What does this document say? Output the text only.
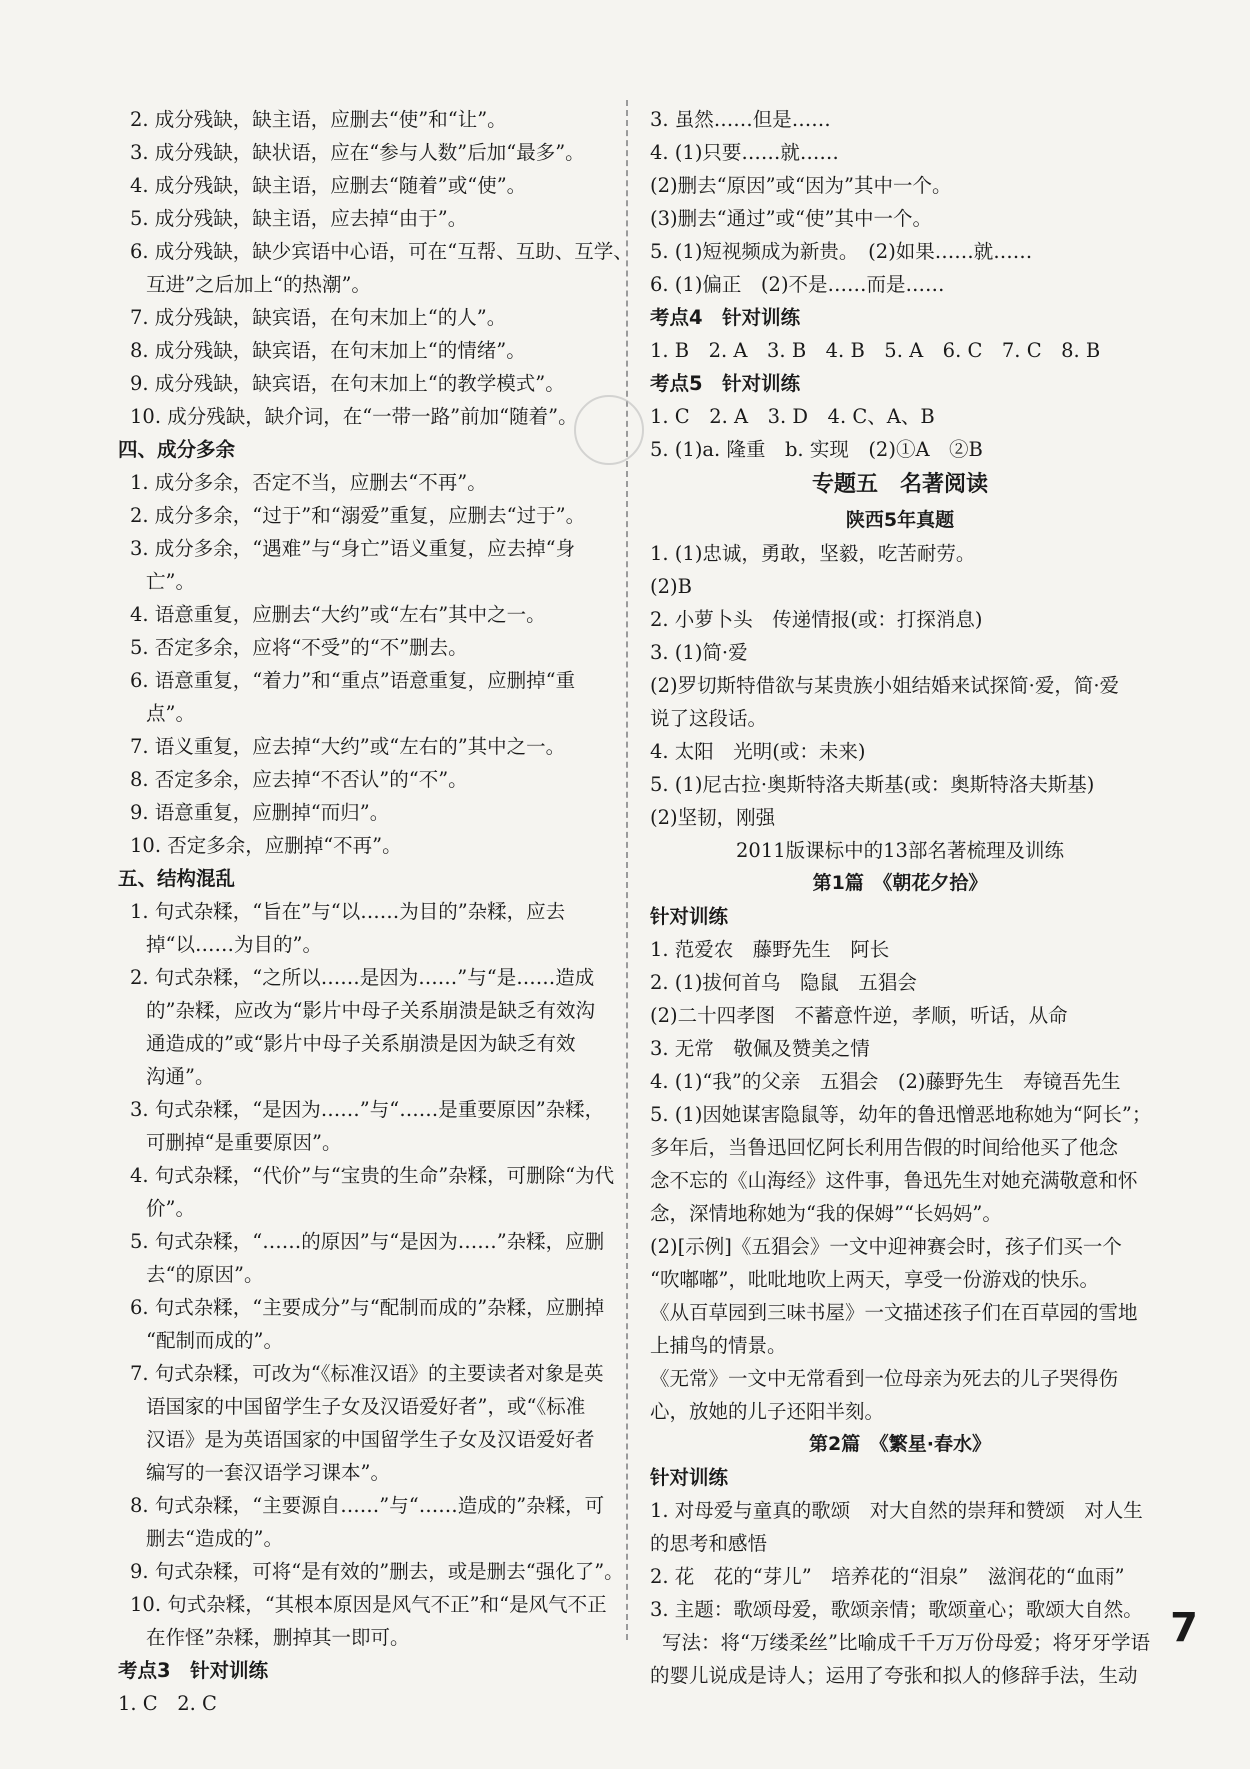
2. 成分残缺，缺主语，应删去“使”和“让”。
3. 成分残缺，缺状语，应在“参与人数”后加“最多”。
4. 成分残缺，缺主语，应删去“随着”或“使”。
5. 成分残缺，缺主语，应去掉“由于”。
6. 成分残缺，缺少宾语中心语，可在“互帮、互助、互学、
互进”之后加上“的热潮”。
7. 成分残缺，缺宾语，在句末加上“的人”。
8. 成分残缺，缺宾语，在句末加上“的情绪”。
9. 成分残缺，缺宾语，在句末加上“的教学模式”。
10. 成分残缺，缺介词，在“一带一路”前加“随着”。
四、成分多余
1. 成分多余，否定不当，应删去“不再”。
2. 成分多余，“过于”和“溺爱”重复，应删去“过于”。
3. 成分多余，“遇难”与“身亡”语义重复，应去掉“身
亡”。
4. 语意重复，应删去“大约”或“左右”其中之一。
5. 否定多余，应将“不受”的“不”删去。
6. 语意重复，“着力”和“重点”语意重复，应删掉“重
点”。
7. 语义重复，应去掉“大约”或“左右的”其中之一。
8. 否定多余，应去掉“不否认”的“不”。
9. 语意重复，应删掉“而归”。
10. 否定多余，应删掉“不再”。
五、结构混乱
1. 句式杂糅，“旨在”与“以……为目的”杂糅，应去
掉“以……为目的”。
2. 句式杂糅，“之所以……是因为……”与“是……造成
的”杂糅，应改为“影片中母子关系崩溃是缺乏有效沟
通造成的”或“影片中母子关系崩溃是因为缺乏有效
沟通”。
3. 句式杂糅，“是因为……”与“……是重要原因”杂糅，
可删掉“是重要原因”。
4. 句式杂糅，“代价”与“宝贵的生命”杂糅，可删除“为代
价”。
5. 句式杂糅，“……的原因”与“是因为……”杂糅，应删
去“的原因”。
6. 句式杂糅，“主要成分”与“配制而成的”杂糅，应删掉
“配制而成的”。
7. 句式杂糅，可改为“《标准汉语》的主要读者对象是英
语国家的中国留学生子女及汉语爱好者”，或“《标准
汉语》是为英语国家的中国留学生子女及汉语爱好者
编写的一套汉语学习课本”。
8. 句式杂糅，“主要源自……”与“……造成的”杂糅，可
删去“造成的”。
9. 句式杂糅，可将“是有效的”删去，或是删去“强化了”。
10. 句式杂糅，“其根本原因是风气不正”和“是风气不正
在作怪”杂糅，删掉其一即可。
考点3　针对训练
1. C　2. C
3. 虽然……但是……
4. (1)只要……就……
(2)删去“原因”或“因为”其中一个。
(3)删去“通过”或“使”其中一个。
5. (1)短视频成为新贵。　(2)如果……就……
6. (1)偏正　(2)不是……而是……
考点4　针对训练
1. B　2. A　3. B　4. B　5. A　6. C　7. C　8. B
考点5　针对训练
1. C　2. A　3. D　4. C、A、B
5. (1)a. 隆重　b. 实现　(2)①A　②B
专题五　名著阅读
陕西5年真题
1. (1)忠诚，勇敢，坚毅，吃苦耐劳。
(2)B
2. 小萝卜头　传递情报(或：打探消息)
3. (1)简·爱
(2)罗切斯特借欲与某贵族小姐结婚来试探简·爱，简·爱
说了这段话。
4. 太阳　光明(或：未来)
5. (1)尼古拉·奥斯特洛夫斯基(或：奥斯特洛夫斯基)
(2)坚韧，刚强
2011版课标中的13部名著梳理及训练
第1篇　《朝花夕拾》
针对训练
1. 范爱农　藤野先生　阿长
2. (1)拔何首乌　隐鼠　五猖会
(2)二十四孝图　不蓄意忤逆，孝顺，听话，从命
3. 无常　敬佩及赞美之情
4. (1)“我”的父亲　五猖会　(2)藤野先生　寿镜吾先生
5. (1)因她谋害隐鼠等，幼年的鲁迅憎恶地称她为“阿长”；
多年后，当鲁迅回忆阿长利用告假的时间给他买了他念
念不忘的《山海经》这件事，鲁迅先生对她充满敬意和怀
念，深情地称她为“我的保姆”“长妈妈”。
(2)[示例]《五猖会》一文中迎神赛会时，孩子们买一个
“吹嘟嘟”，吡吡地吹上两天，享受一份游戏的快乐。
《从百草园到三味书屋》一文描述孩子们在百草园的雪地
上捕鸟的情景。
《无常》一文中无常看到一位母亲为死去的儿子哭得伤
心，放她的儿子还阳半刻。
第2篇　《繁星·春水》
针对训练
1. 对母爱与童真的歌颂　对大自然的崇拜和赞颂　对人生
的思考和感悟
2. 花　花的“芽儿”　培养花的“泪泉”　滋润花的“血雨”
3. 主题：歌颂母爱，歌颂亲情；歌颂童心；歌颂大自然。
写法：将“万缕柔丝”比喻成千千万万份母爱；将牙牙学语
的婴儿说成是诗人；运用了夸张和拟人的修辞手法，生动
7
